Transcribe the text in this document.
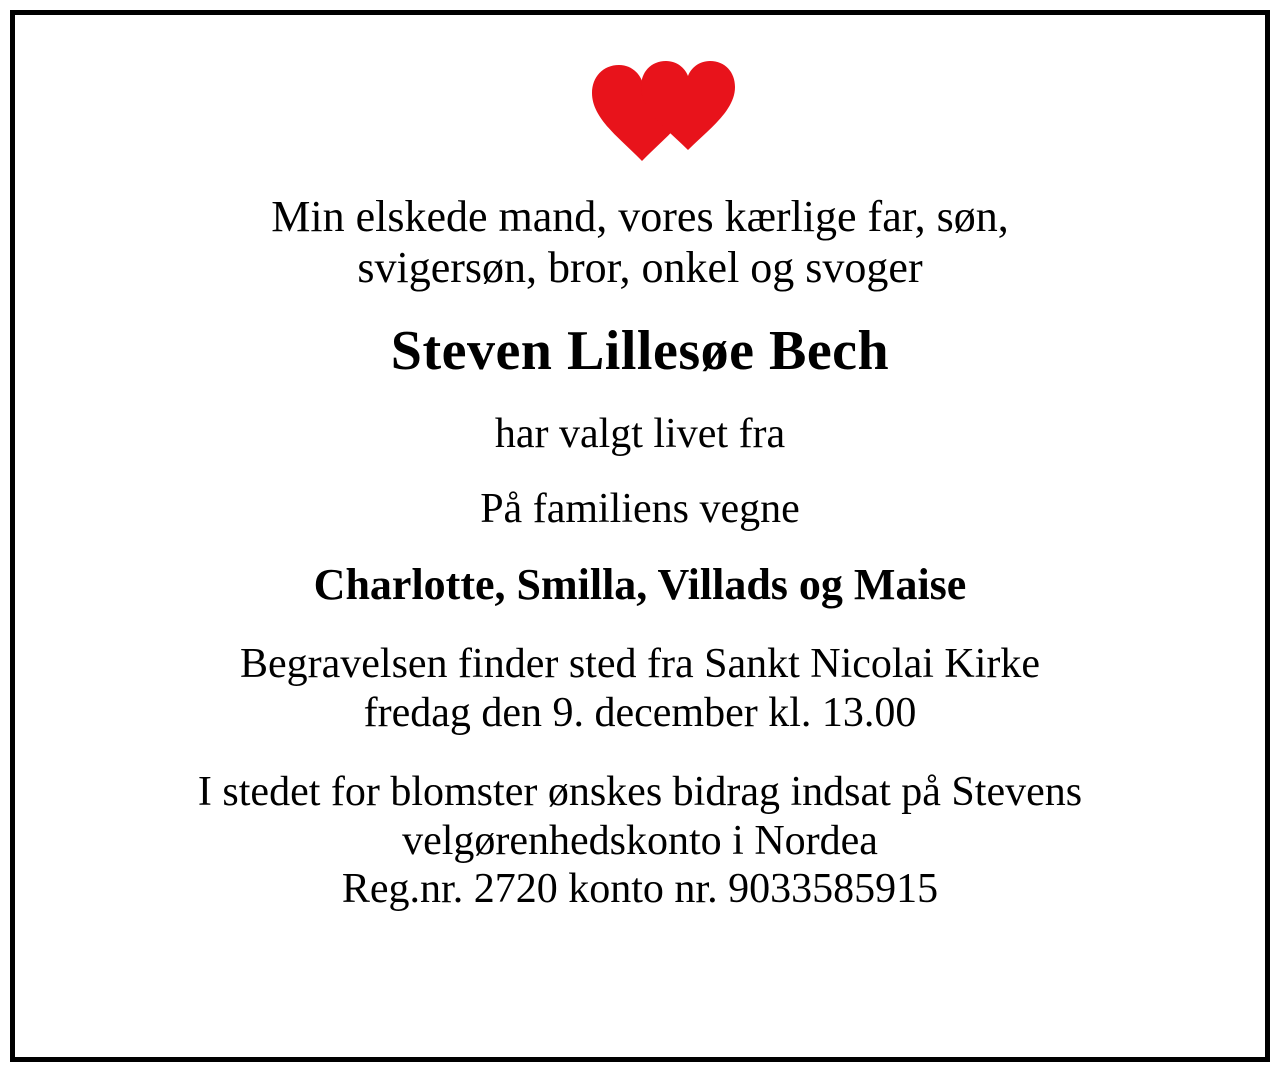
Min elskede mand, vores kærlige far, søn,
svigersøn, bror, onkel og svoger

Steven Lillesøe Bech

har valgt livet fra

På familiens vegne

Charlotte, Smilla, Villads og Maise

Begravelsen finder sted fra Sankt Nicolai Kirke
fredag den 9. december kl. 13.00

I stedet for blomster ønskes bidrag indsat på Stevens
velgørenhedskonto i Nordea
Reg.nr. 2720 konto nr. 9033585915
